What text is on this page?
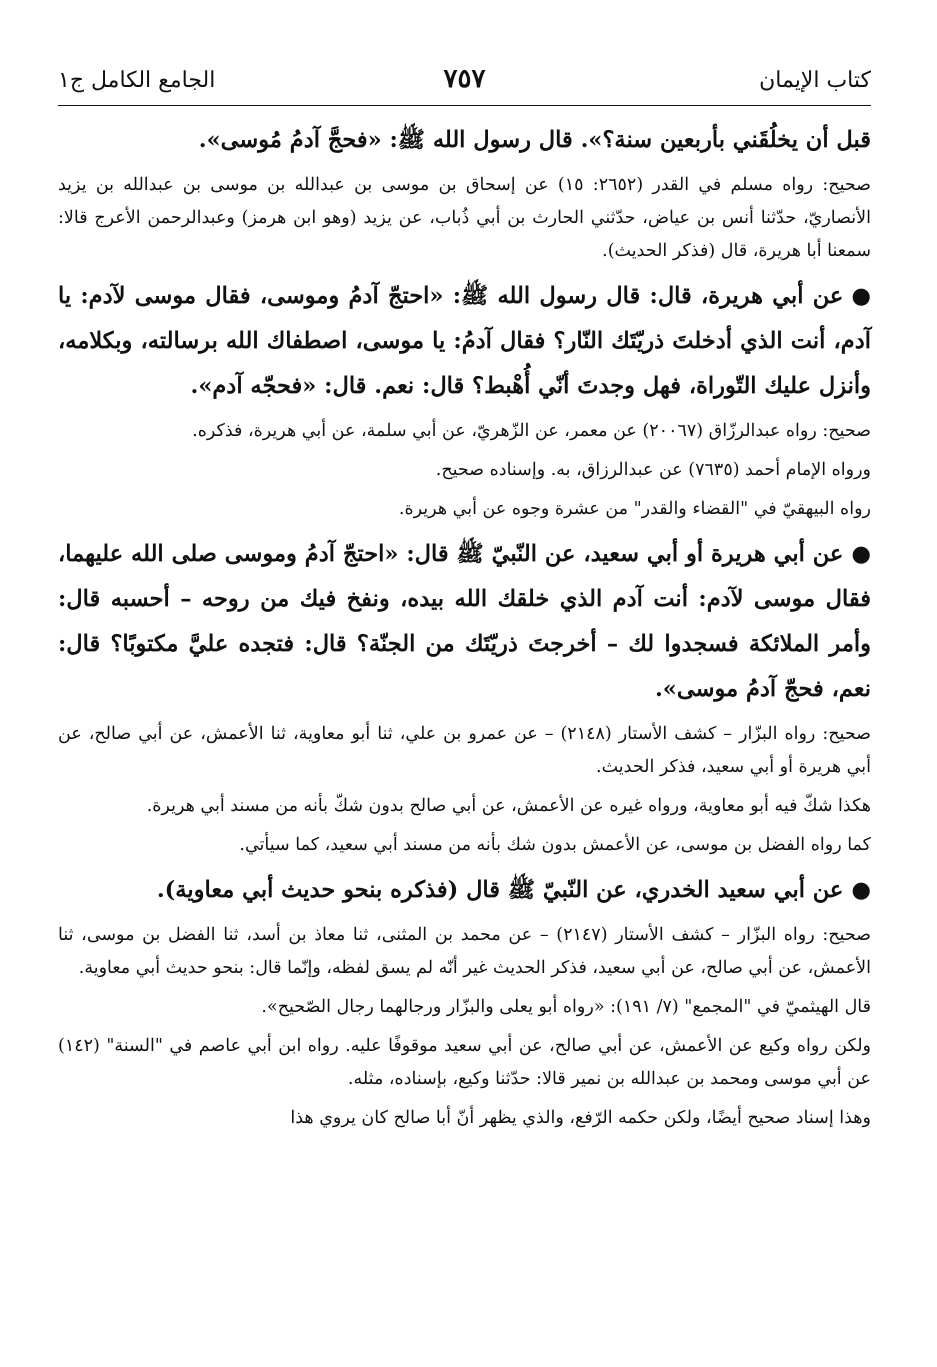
كتاب الإيمان
٧٥٧
الجامع الكامل ج١

قبل أن يخلُقَني بأربعين سنة؟». قال رسول الله ﷺ: «فحجَّ آدمُ مُوسى».

صحيح: رواه مسلم في القدر (٢٦٥٢: ١٥) عن إسحاق بن موسى بن عبدالله بن موسى بن عبدالله بن يزيد الأنصاريّ، حدّثنا أنس بن عياض، حدّثني الحارث بن أبي ذُباب، عن يزيد (وهو ابن هرمز) وعبدالرحمن الأعرج قالا: سمعنا أبا هريرة، قال (فذكر الحديث).

●عن أبي هريرة، قال: قال رسول الله ﷺ: «احتجّ آدمُ وموسى، فقال موسى لآدم: يا آدم، أنت الذي أدخلتَ ذريّتَك النّار؟ فقال آدمُ: يا موسى، اصطفاك الله برسالته، وبكلامه، وأنزل عليك التّوراة، فهل وجدتَ أنّي أُهْبط؟ قال: نعم. قال: «فحجّه آدم».

صحيح: رواه عبدالرزّاق (٢٠٠٦٧) عن معمر، عن الزّهريّ، عن أبي سلمة، عن أبي هريرة، فذكره.

ورواه الإمام أحمد (٧٦٣٥) عن عبدالرزاق، به. وإسناده صحيح.

رواه البيهقيّ في "القضاء والقدر" من عشرة وجوه عن أبي هريرة.

●عن أبي هريرة أو أبي سعيد، عن النّبيّ ﷺ قال: «احتجّ آدمُ وموسى صلى الله عليهما، فقال موسى لآدم: أنت آدم الذي خلقك الله بيده، ونفخ فيك من روحه – أحسبه قال: وأمر الملائكة فسجدوا لك – أخرجتَ ذريّتَك من الجنّة؟ قال: فتجده عليَّ مكتوبًا؟ قال: نعم، فحجّ آدمُ موسى».

صحيح: رواه البزّار – كشف الأستار (٢١٤٨) – عن عمرو بن علي، ثنا أبو معاوية، ثنا الأعمش، عن أبي صالح، عن أبي هريرة أو أبي سعيد، فذكر الحديث.

هكذا شكّ فيه أبو معاوية، ورواه غيره عن الأعمش، عن أبي صالح بدون شكّ بأنه من مسند أبي هريرة.

كما رواه الفضل بن موسى، عن الأعمش بدون شك بأنه من مسند أبي سعيد، كما سيأتي.

●عن أبي سعيد الخدري، عن النّبيّ ﷺ قال (فذكره بنحو حديث أبي معاوية).

صحيح: رواه البزّار – كشف الأستار (٢١٤٧) – عن محمد بن المثنى، ثنا معاذ بن أسد، ثنا الفضل بن موسى، ثنا الأعمش، عن أبي صالح، عن أبي سعيد، فذكر الحديث غير أنّه لم يسق لفظه، وإنّما قال: بنحو حديث أبي معاوية.

قال الهيثميّ في "المجمع" (٧/ ١٩١): «رواه أبو يعلى والبزّار ورجالهما رجال الصّحيح».

ولكن رواه وكيع عن الأعمش، عن أبي صالح، عن أبي سعيد موقوفًا عليه. رواه ابن أبي عاصم في "السنة" (١٤٢) عن أبي موسى ومحمد بن عبدالله بن نمير قالا: حدّثنا وكيع، بإسناده، مثله.

وهذا إسناد صحيح أيضًا، ولكن حكمه الرّفع، والذي يظهر أنّ أبا صالح كان يروي هذا
